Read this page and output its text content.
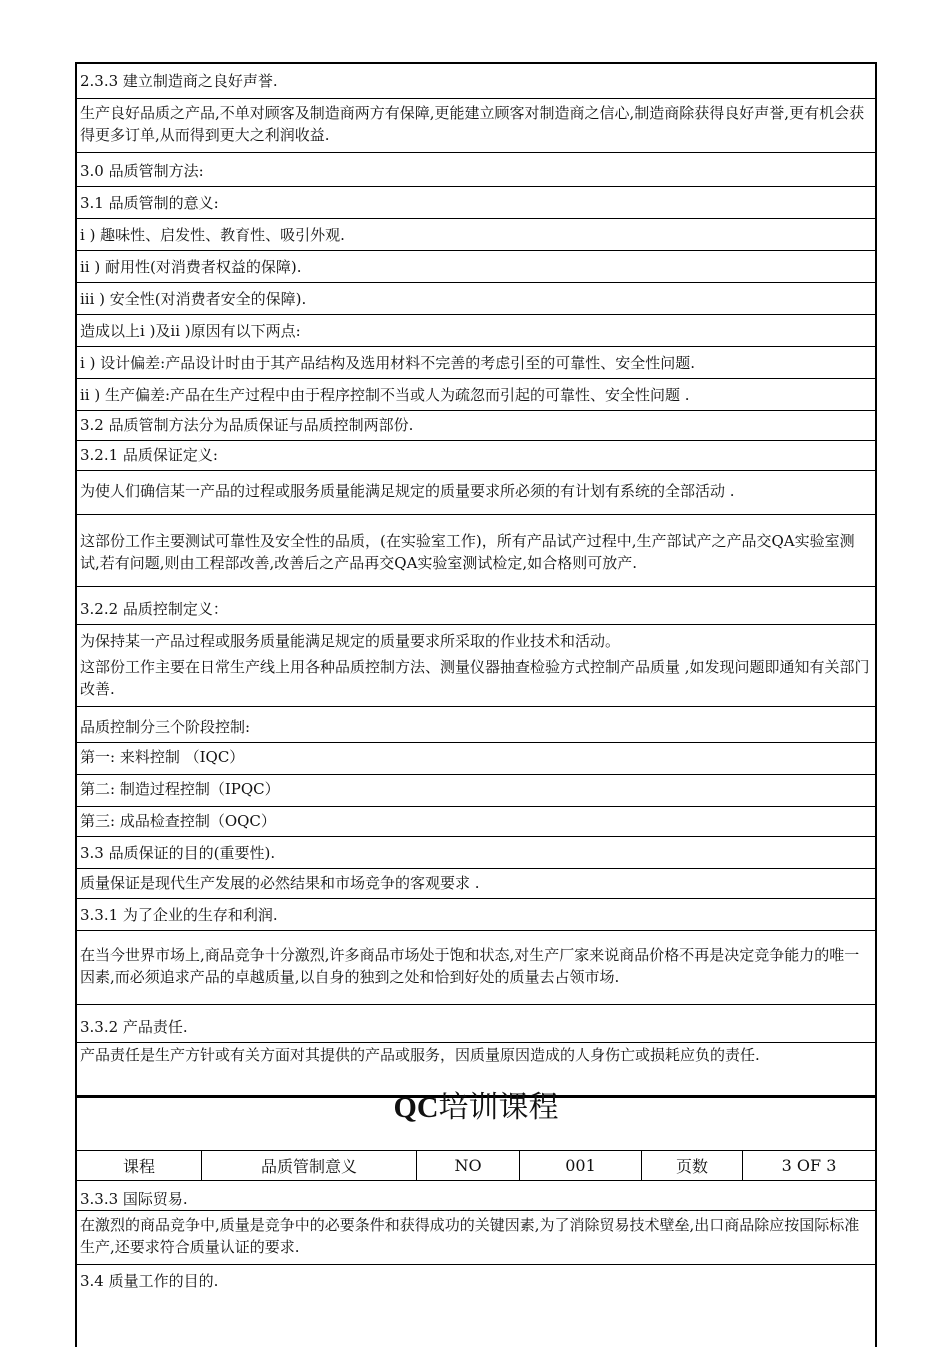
2.3.3 建立制造商之良好声誉.
生产良好品质之产品,不单对顾客及制造商两方有保障,更能建立顾客对制造商之信心,制造商除获得良好声誉,更有机会获得更多订单,从而得到更大之利润收益.
3.0 品质管制方法:
3.1 品质管制的意义:
i ) 趣味性、启发性、教育性、吸引外观.
ii ) 耐用性(对消费者权益的保障).
iii ) 安全性(对消费者安全的保障).
造成以上i )及ii )原因有以下两点:
i ) 设计偏差:产品设计时由于其产品结构及选用材料不完善的考虑引至的可靠性、安全性问题.
ii ) 生产偏差:产品在生产过程中由于程序控制不当或人为疏忽而引起的可靠性、安全性问题 .
3.2 品质管制方法分为品质保证与品质控制两部份.
3.2.1 品质保证定义:
为使人们确信某一产品的过程或服务质量能满足规定的质量要求所必须的有计划有系统的全部活动 .
这部份工作主要测试可靠性及安全性的品质，(在实验室工作)，所有产品试产过程中,生产部试产之产品交QA实验室测试,若有问题,则由工程部改善,改善后之产品再交QA实验室测试检定,如合格则可放产.
3.2.2 品质控制定义：
为保持某一产品过程或服务质量能满足规定的质量要求所采取的作业技术和活动。
这部份工作主要在日常生产线上用各种品质控制方法、测量仪器抽查检验方式控制产品质量 ,如发现问题即通知有关部门改善.
品质控制分三个阶段控制:
第一: 来料控制 （IQC）
第二: 制造过程控制（IPQC）
第三: 成品检查控制（OQC）
3.3 品质保证的目的(重要性).
质量保证是现代生产发展的必然结果和市场竞争的客观要求 .
3.3.1 为了企业的生存和利润.
在当今世界市场上,商品竞争十分激烈,许多商品市场处于饱和状态,对生产厂家来说商品价格不再是决定竞争能力的唯一因素,而必须追求产品的卓越质量,以自身的独到之处和恰到好处的质量去占领市场.
3.3.2 产品责任.
产品责任是生产方针或有关方面对其提供的产品或服务，因质量原因造成的人身伤亡或损耗应负的责任.
QC培训课程
课程	品质管制意义	NO	001	页数	3 OF 3
3.3.3 国际贸易.
在激烈的商品竞争中,质量是竞争中的必要条件和获得成功的关键因素,为了消除贸易技术壁垒,出口商品除应按国际标准生产,还要求符合质量认证的要求.
3.4 质量工作的目的.
